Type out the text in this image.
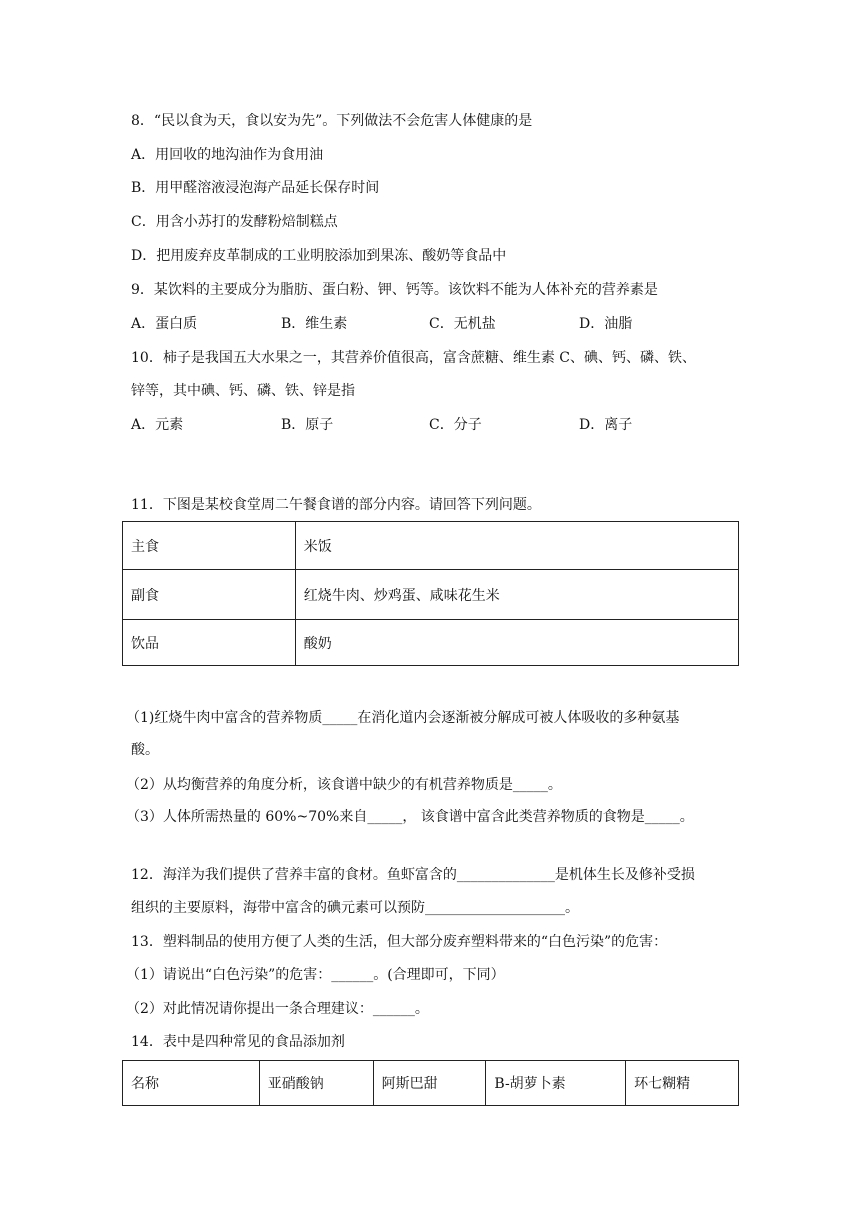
8．“民以食为天，食以安为先”。下列做法不会危害人体健康的是
A．用回收的地沟油作为食用油
B．用甲醛溶液浸泡海产品延长保存时间
C．用含小苏打的发酵粉焙制糕点
D．把用废弃皮革制成的工业明胶添加到果冻、酸奶等食品中
9．某饮料的主要成分为脂肪、蛋白粉、钾、钙等。该饮料不能为人体补充的营养素是
A．蛋白质	B．维生素	C．无机盐	D．油脂
10．柿子是我国五大水果之一，其营养价值很高，富含蔗糖、维生素 C、碘、钙、磷、铁、
锌等，其中碘、钙、磷、铁、锌是指
A．元素	B．原子	C．分子	D．离子
11．下图是某校食堂周二午餐食谱的部分内容。请回答下列问题。
主食	米饭
副食	红烧牛肉、炒鸡蛋、咸味花生米
饮品	酸奶
（1)红烧牛肉中富含的营养物质_____在消化道内会逐渐被分解成可被人体吸收的多种氨基
酸。
（2）从均衡营养的角度分析，该食谱中缺少的有机营养物质是_____。
（3）人体所需热量的 60%~70%来自_____， 该食谱中富含此类营养物质的食物是_____。
12．海洋为我们提供了营养丰富的食材。鱼虾富含的______________是机体生长及修补受损
组织的主要原料，海带中富含的碘元素可以预防____________________。
13．塑料制品的使用方便了人类的生活，但大部分废弃塑料带来的“白色污染”的危害：
（1）请说出“白色污染”的危害：______。(合理即可，下同）
（2）对此情况请你提出一条合理建议：______。
14．表中是四种常见的食品添加剂
名称	亚硝酸钠	阿斯巴甜	B-胡萝卜素	环七糊精
